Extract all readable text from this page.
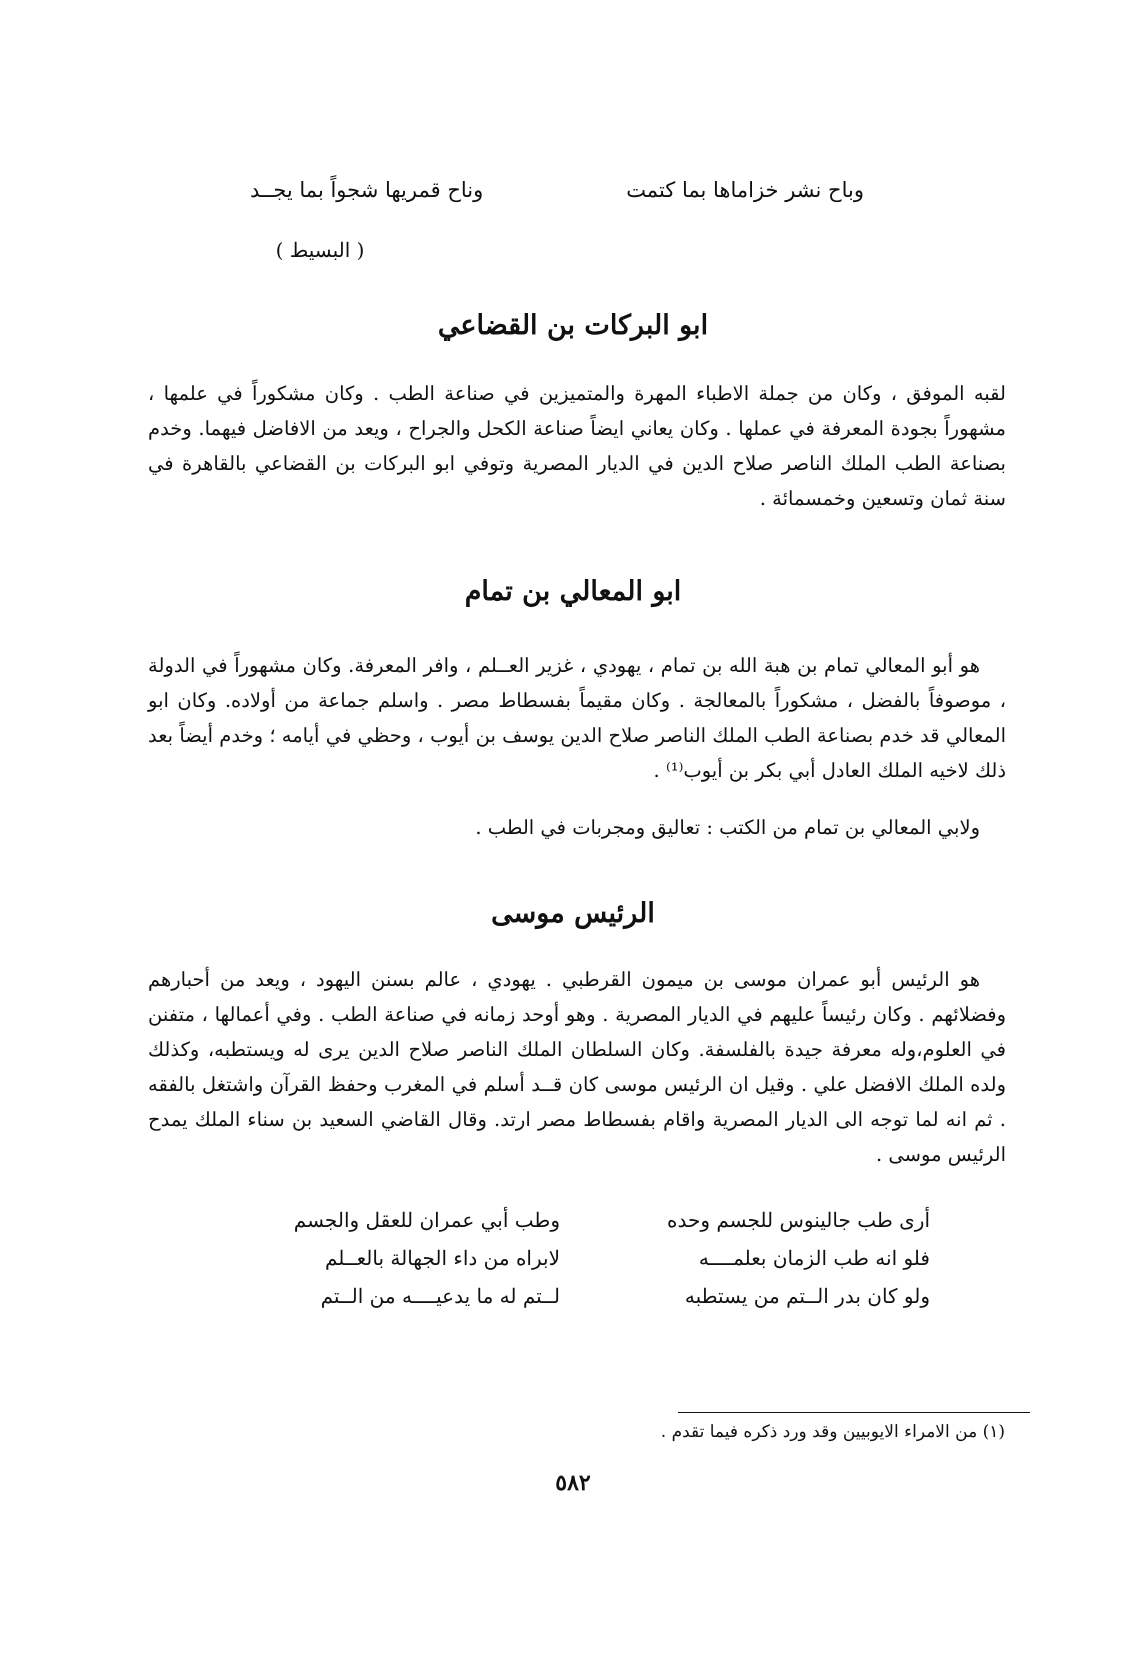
وباح نشر خزاماها بما كتمت
وناح قمريها شجواً بما يجــد
( البسيط )
ابو البركات بن القضاعي
لقبه الموفق ، وكان من جملة الاطباء المهرة والمتميزين في صناعة الطب . وكان مشكوراً في علمها ، مشهوراً بجودة المعرفة في عملها . وكان يعاني ايضاً صناعة الكحل والجراح ، ويعد من الافاضل فيهما. وخدم بصناعة الطب الملك الناصر صلاح الدين في الديار المصرية وتوفي ابو البركات بن القضاعي بالقاهرة في سنة ثمان وتسعين وخمسمائة .
ابو المعالي بن تمام
هو أبو المعالي تمام بن هبة الله بن تمام ، يهودي ، غزير العــلم ، وافر المعرفة. وكان مشهوراً في الدولة ، موصوفاً بالفضل ، مشكوراً بالمعالجة . وكان مقيماً بفسطاط مصر . واسلم جماعة من أولاده. وكان ابو المعالي قد خدم بصناعة الطب الملك الناصر صلاح الدين يوسف بن أيوب ، وحظي في أيامه ؛ وخدم أيضاً بعد ذلك لاخيه الملك العادل أبي بكر بن أيوب⁽¹⁾ .
ولابي المعالي بن تمام من الكتب : تعاليق ومجربات في الطب .
الرئيس موسى
هو الرئيس أبو عمران موسى بن ميمون القرطبي . يهودي ، عالم بسنن اليهود ، ويعد من أحبارهم وفضلائهم . وكان رئيساً عليهم في الديار المصرية . وهو أوحد زمانه في صناعة الطب . وفي أعمالها ، متفنن في العلوم،وله معرفة جيدة بالفلسفة. وكان السلطان الملك الناصر صلاح الدين يرى له ويستطبه، وكذلك ولده الملك الافضل علي . وقيل ان الرئيس موسى كان قــد أسلم في المغرب وحفظ القرآن واشتغل بالفقه . ثم انه لما توجه الى الديار المصرية واقام بفسطاط مصر ارتد. وقال القاضي السعيد بن سناء الملك يمدح الرئيس موسى .
أرى طب جالينوس للجسم وحده
وطب أبي عمران للعقل والجسم
فلو انه طب الزمان بعلمــــه
لابراه من داء الجهالة بالعــلم
ولو كان بدر الــتم من يستطبه
لــتم له ما يدعيــــه من الــتم
(١) من الامراء الايوبيين وقد ورد ذكره فيما تقدم .
٥٨٢
